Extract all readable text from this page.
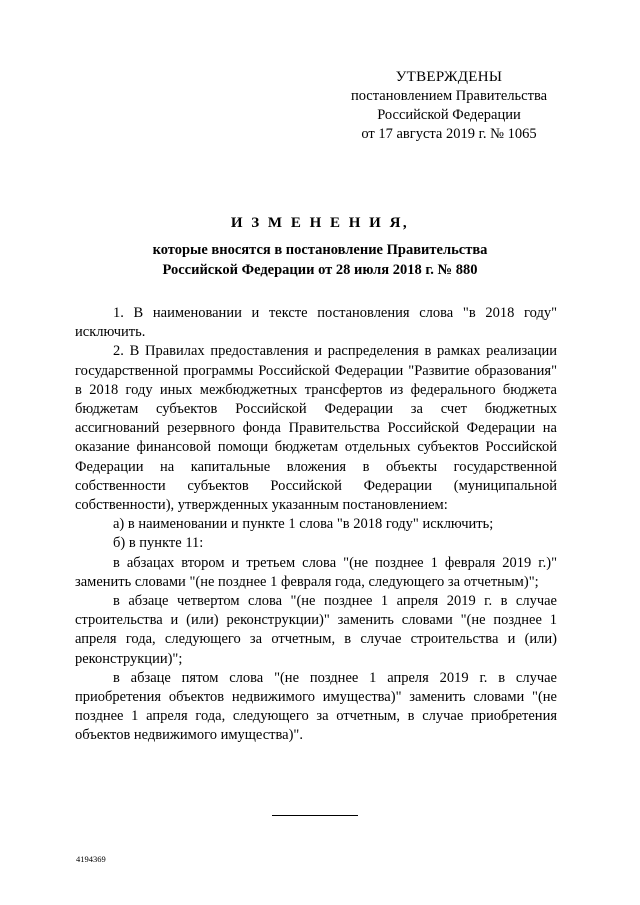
УТВЕРЖДЕНЫ
постановлением Правительства
Российской Федерации
от 17 августа 2019 г. № 1065
И З М Е Н Е Н И Я,
которые вносятся в постановление Правительства
Российской Федерации от 28 июля 2018 г. № 880

1. В наименовании и тексте постановления слова "в 2018 году" исключить.

2. В Правилах предоставления и распределения в рамках реализации государственной программы Российской Федерации "Развитие образования" в 2018 году иных межбюджетных трансфертов из федерального бюджета бюджетам субъектов Российской Федерации за счет бюджетных ассигнований резервного фонда Правительства Российской Федерации на оказание финансовой помощи бюджетам отдельных субъектов Российской Федерации на капитальные вложения в объекты государственной собственности субъектов Российской Федерации (муниципальной собственности), утвержденных указанным постановлением:

а) в наименовании и пункте 1 слова "в 2018 году" исключить;

б) в пункте 11:

в абзацах втором и третьем слова "(не позднее 1 февраля 2019 г.)" заменить словами "(не позднее 1 февраля года, следующего за отчетным)";

в абзаце четвертом слова "(не позднее 1 апреля 2019 г. в случае строительства и (или) реконструкции)" заменить словами "(не позднее 1 апреля года, следующего за отчетным, в случае строительства и (или) реконструкции)";

в абзаце пятом слова "(не позднее 1 апреля 2019 г. в случае приобретения объектов недвижимого имущества)" заменить словами "(не позднее 1 апреля года, следующего за отчетным, в случае приобретения объектов недвижимого имущества)".

4194369
